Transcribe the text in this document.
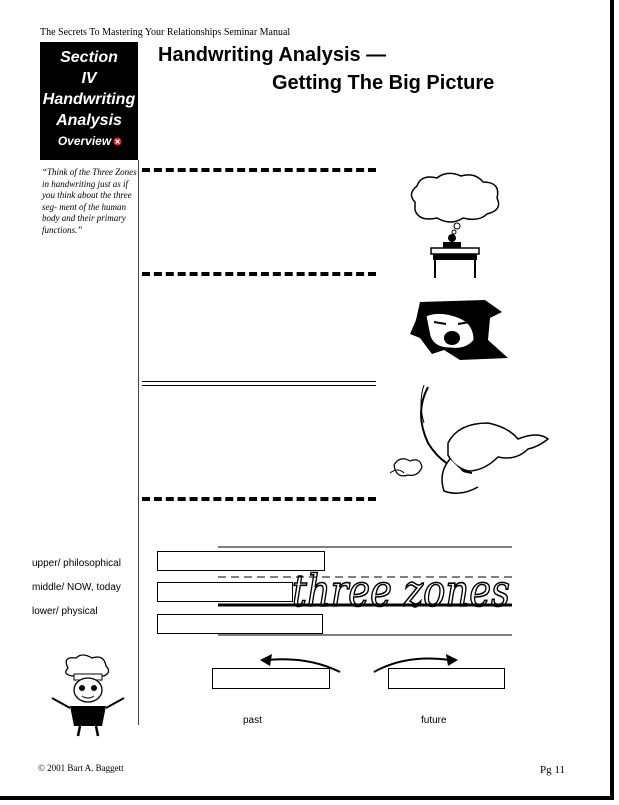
The Secrets To Mastering Your Relationships Seminar Manual
Section
IV
Handwriting
Analysis
Overview
Handwriting Analysis —
Getting The Big Picture
“Think of the Three Zones in handwriting just as if you think about the three seg- ment of the human body and their primary functions.”
upper/ philosophical
middle/ NOW, today
lower/ physical	three zones
past	future
© 2001 Bart A. Baggett	Pg 11
